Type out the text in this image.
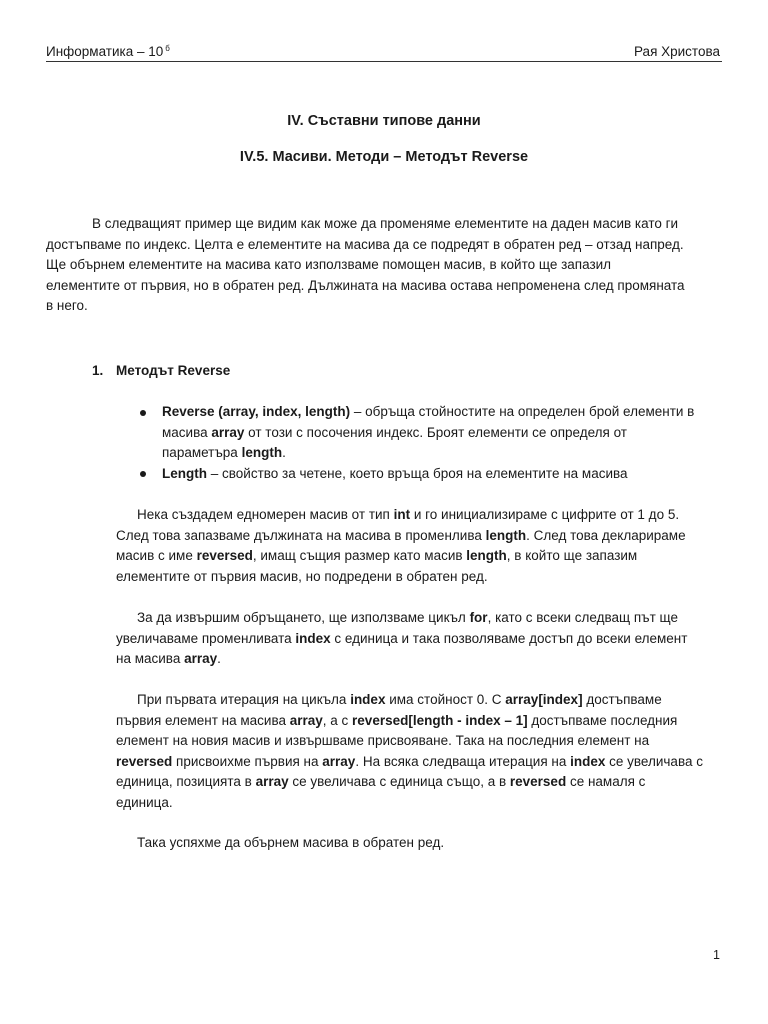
Информатика – 10 $^б$	Рая Христова
IV. Съставни типове данни
IV.5. Масиви. Методи – Методът Reverse
В следващият пример ще видим как може да променяме елементите на даден масив като ги
достъпваме по индекс. Целта е елементите на масива да се подредят в обратен ред – отзад напред.
Ще обърнем елементите на масива като използваме помощен масив, в който ще запазил
елементите от първия, но в обратен ред. Дължината на масива остава непроменена след промяната
в него.
1. Методът Reverse
Reverse (array, index, length) – обръща стойностите на определен брой елементи в
масива array от този с посочения индекс. Броят елементи се определя от
параметъра length.
Length – свойство за четене, което връща броя на елементите на масива
Нека създадем едномерен масив от тип int и го инициализираме с цифрите от 1 до 5.
След това запазваме дължината на масива в променлива length. След това декларираме
масив с име reversed, имащ същия размер като масив length, в който ще запазим
елементите от първия масив, но подредени в обратен ред.
За да извършим обръщането, ще използваме цикъл for, като с всеки следващ път ще
увеличаваме променливата index с единица и така позволяваме достъп до всеки елемент
на масива array.
При първата итерация на цикъла index има стойност 0. С array[index] достъпваме
първия елемент на масива array, а с reversed[length - index – 1] достъпваме последния
елемент на новия масив и извършваме присвояване. Така на последния елемент на
reversed присвоихме първия на array. На всяка следваща итерация на index се увеличава с
единица, позицията в array се увеличава с единица също, а в reversed се намаля с
единица.
Така успяхме да обърнем масива в обратен ред.
1
